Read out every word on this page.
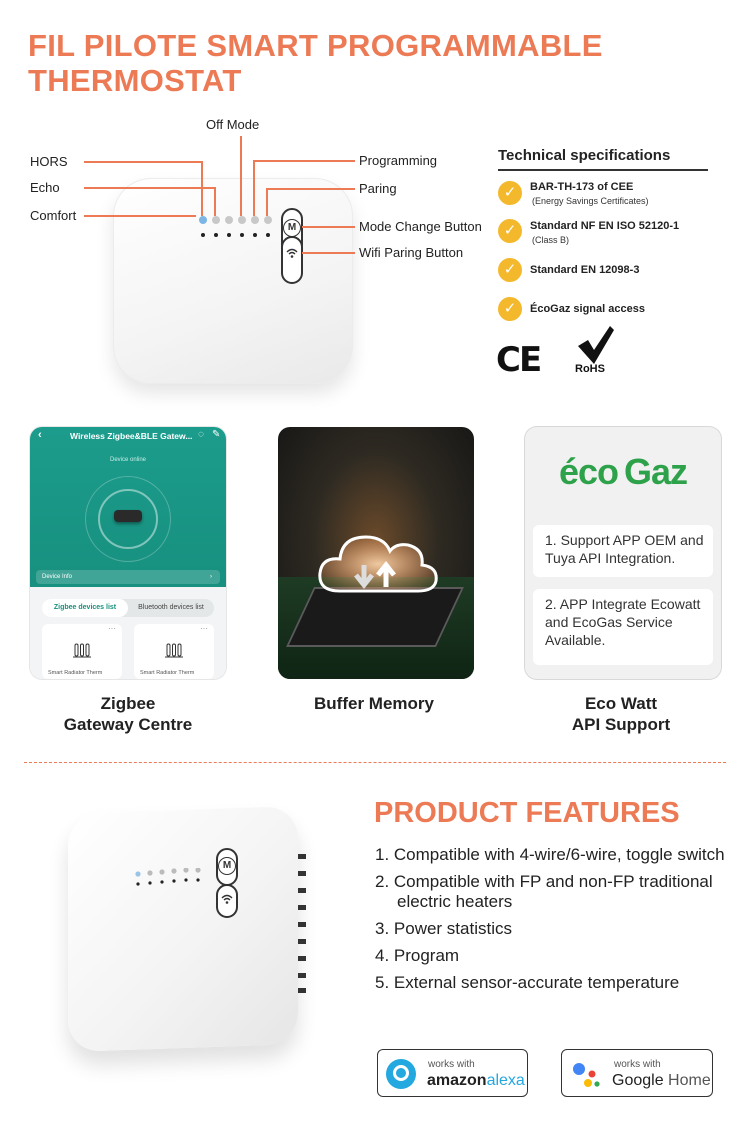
FIL PILOTE SMART PROGRAMMABLE
THERMOSTAT
M
HORS
Echo
Comfort
Off Mode
Programming
Paring
Mode Change Button
Wifi Paring Button
Technical specifications
✓	BAR-TH-173 of CEE
(Energy Savings Certificates)
✓	Standard NF EN ISO 52120-1
(Class B)
✓	Standard EN 12098-3
✓	ÉcoGaz signal access
CE	RoHS
‹	Wireless Zigbee&BLE Gatew... ◌ ✎
Device online
Device Info	›
Zigbee devices list	Bluetooth devices list
···
Smart Radiator Therm
···
Smart Radiator Therm
éco Gaz
1. Support APP OEM and Tuya API Integration.
2. APP Integrate Ecowatt and EcoGas Service Available.
Zigbee
Gateway Centre
Buffer Memory	Eco Watt
API Support
M
PRODUCT FEATURES
1. Compatible with 4-wire/6-wire, toggle switch
2. Compatible with FP and non-FP traditional electric heaters
3. Power statistics
4. Program
5. External sensor-accurate temperature
works with
amazonalexa
works with
Google Home
